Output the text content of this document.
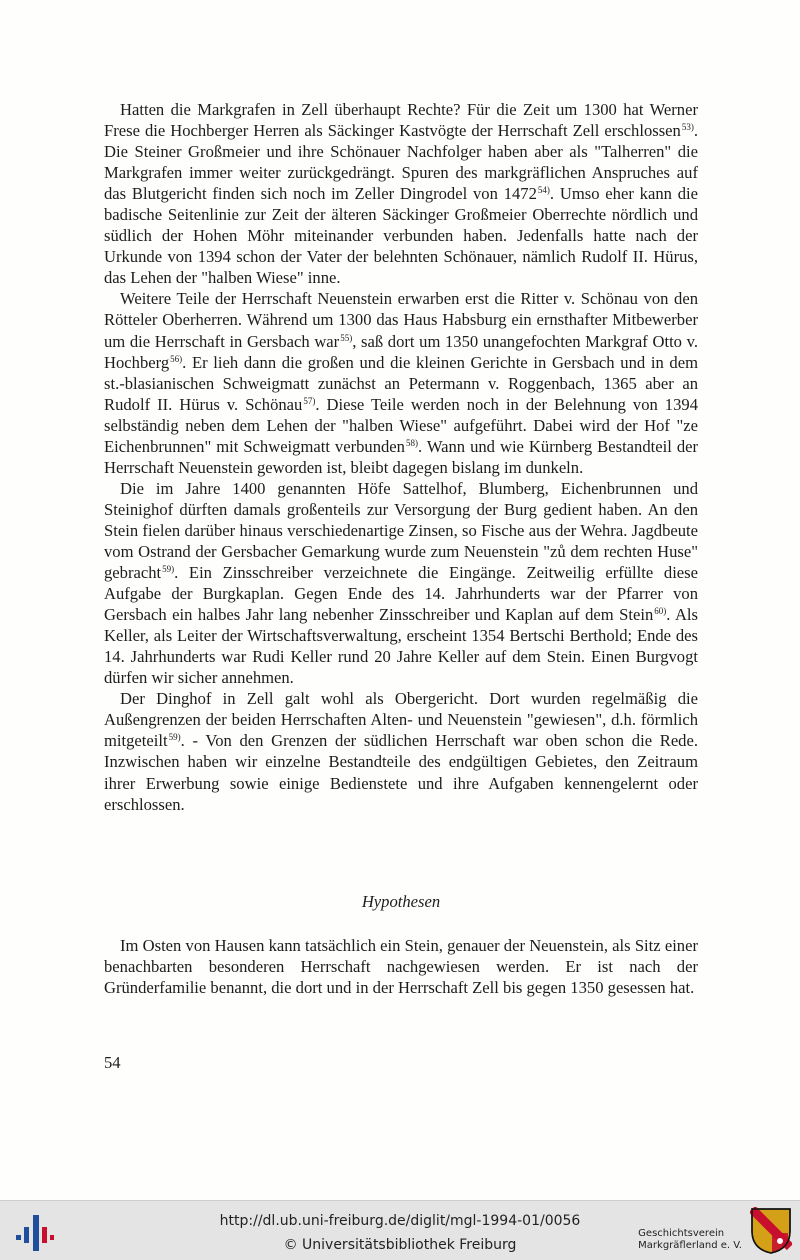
Hatten die Markgrafen in Zell überhaupt Rechte? Für die Zeit um 1300 hat Werner Frese die Hochberger Herren als Säckinger Kastvögte der Herrschaft Zell erschlossen$^{53)}$. Die Steiner Großmeier und ihre Schönauer Nachfolger haben aber als "Talherren" die Markgrafen immer weiter zurückgedrängt. Spuren des markgräflichen Anspruches auf das Blutgericht finden sich noch im Zeller Dingrodel von 1472$^{54)}$. Umso eher kann die badische Seitenlinie zur Zeit der älteren Säckinger Großmeier Oberrechte nördlich und südlich der Hohen Möhr miteinander verbunden haben. Jedenfalls hatte nach der Urkunde von 1394 schon der Vater der belehnten Schönauer, nämlich Rudolf II. Hürus, das Lehen der "halben Wiese" inne.

Weitere Teile der Herrschaft Neuenstein erwarben erst die Ritter v. Schönau von den Rötteler Oberherren. Während um 1300 das Haus Habsburg ein ernsthafter Mitbewerber um die Herrschaft in Gersbach war$^{55)}$, saß dort um 1350 unangefochten Markgraf Otto v. Hochberg$^{56)}$. Er lieh dann die großen und die kleinen Gerichte in Gersbach und in dem st.-blasianischen Schweigmatt zunächst an Petermann v. Roggenbach, 1365 aber an Rudolf II. Hürus v. Schönau$^{57)}$. Diese Teile werden noch in der Belehnung von 1394 selbständig neben dem Lehen der "halben Wiese" aufgeführt. Dabei wird der Hof "ze Eichenbrunnen" mit Schweigmatt verbunden$^{58)}$. Wann und wie Kürnberg Bestandteil der Herrschaft Neuenstein geworden ist, bleibt dagegen bislang im dunkeln.

Die im Jahre 1400 genannten Höfe Sattelhof, Blumberg, Eichenbrunnen und Steinighof dürften damals großenteils zur Versorgung der Burg gedient haben. An den Stein fielen darüber hinaus verschiedenartige Zinsen, so Fische aus der Wehra. Jagdbeute vom Ostrand der Gersbacher Gemarkung wurde zum Neuenstein "zů dem rechten Huse" gebracht$^{59)}$. Ein Zinsschreiber verzeichnete die Eingänge. Zeitweilig erfüllte diese Aufgabe der Burgkaplan. Gegen Ende des 14. Jahrhunderts war der Pfarrer von Gersbach ein halbes Jahr lang nebenher Zinsschreiber und Kaplan auf dem Stein$^{60)}$. Als Keller, als Leiter der Wirtschaftsverwaltung, erscheint 1354 Bertschi Berthold; Ende des 14. Jahrhunderts war Rudi Keller rund 20 Jahre Keller auf dem Stein. Einen Burgvogt dürfen wir sicher annehmen.

Der Dinghof in Zell galt wohl als Obergericht. Dort wurden regelmäßig die Außengrenzen der beiden Herrschaften Alten- und Neuenstein "gewiesen", d.h. förmlich mitgeteilt$^{59)}$. - Von den Grenzen der südlichen Herrschaft war oben schon die Rede. Inzwischen haben wir einzelne Bestandteile des endgültigen Gebietes, den Zeitraum ihrer Erwerbung sowie einige Bedienstete und ihre Aufgaben kennengelernt oder erschlossen.

Hypothesen

Im Osten von Hausen kann tatsächlich ein Stein, genauer der Neuenstein, als Sitz einer benachbarten besonderen Herrschaft nachgewiesen werden. Er ist nach der Gründerfamilie benannt, die dort und in der Herrschaft Zell bis gegen 1350 gesessen hat.

54
http://dl.ub.uni-freiburg.de/diglit/mgl-1994-01/0056
© Universitätsbibliothek Freiburg
Geschichtsverein
Markgräflerland e. V.
